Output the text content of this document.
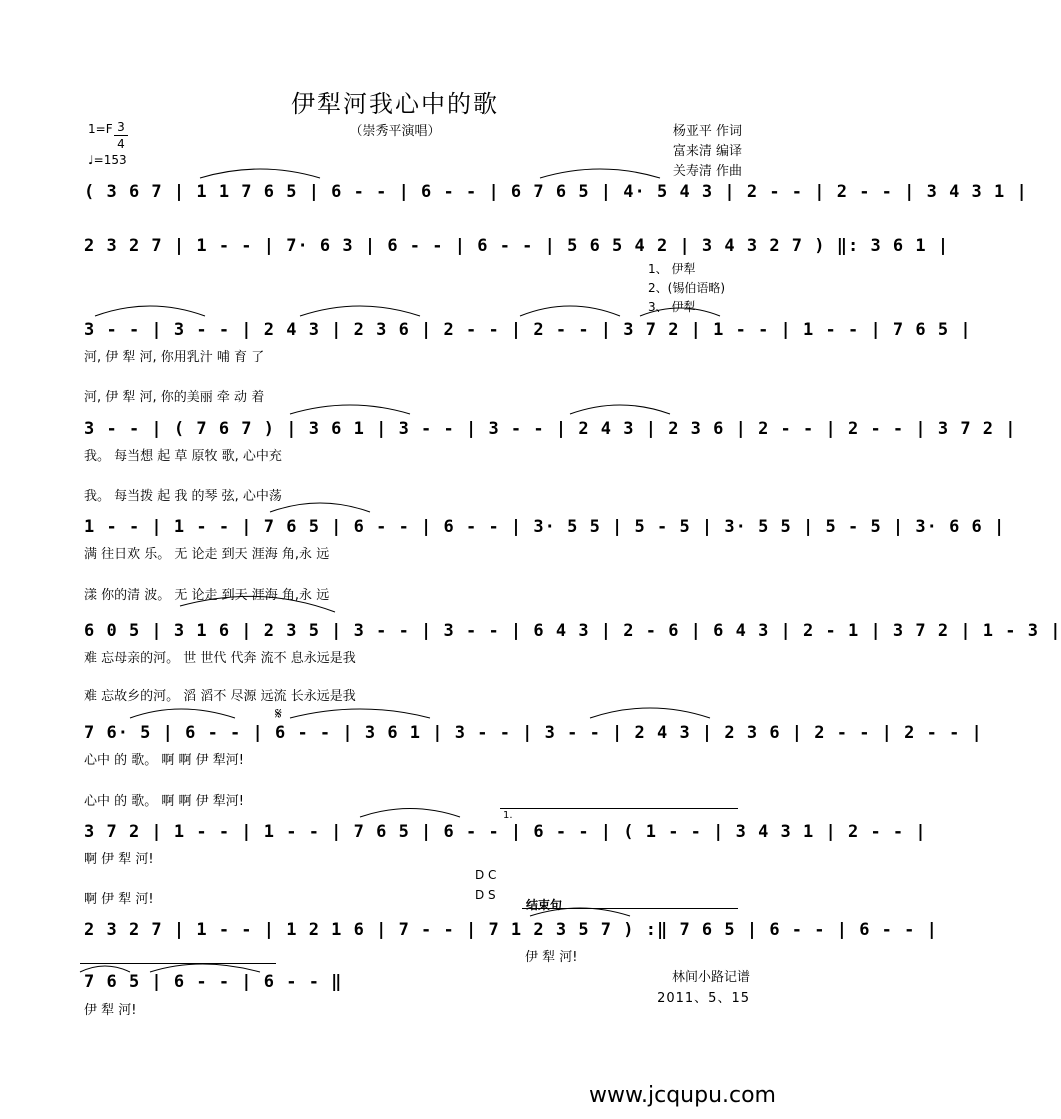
伊犁河我心中的歌
（崇秀平演唱）	杨亚平 作词
富来清 编译
关寿清 作曲
1=F 3
4
♩=153
( 3 6 7 | 1 1 7 6 5 | 6 - - | 6 - - | 6 7 6 5 | 4· 5 4 3 | 2 - - | 2 - - | 3 4 3 1 |
2 3 2 7 | 1 - - | 7· 6 3 | 6 - - | 6 - - | 5 6 5 4 2 | 3 4 3 2 7 ) ‖: 3 6 1 |
1、 伊犁
2、(锡伯语略)
3、 伊犁
3 - - | 3 - - | 2 4 3 | 2 3 6 | 2 - - | 2 - - | 3 7 2 | 1 - - | 1 - - | 7 6 5 |
河, 伊 犁 河, 你用乳汁 哺 育 了
河, 伊 犁 河, 你的美丽 牵 动 着
3 - - | ( 7 6 7 ) | 3 6 1 | 3 - - | 3 - - | 2 4 3 | 2 3 6 | 2 - - | 2 - - | 3 7 2 |
我。 每当想 起 草 原牧 歌, 心中充
我。 每当拨 起 我 的琴 弦, 心中荡
1 - - | 1 - - | 7 6 5 | 6 - - | 6 - - | 3· 5 5 | 5 - 5 | 3· 5 5 | 5 - 5 | 3· 6 6 |
满 往日欢 乐。 无 论走 到天 涯海 角,永 远
漾 你的清 波。 无 论走 到天 涯海 角,永 远
6 0 5 | 3 1 6 | 2 3 5 | 3 - - | 3 - - | 6 4 3 | 2 - 6 | 6 4 3 | 2 - 1 | 3 7 2 | 1 - 3 |
难 忘母亲的河。 世 世代 代奔 流不 息永远是我
难 忘故乡的河。 滔 滔不 尽源 远流 长永远是我
𝄋
7 6· 5 | 6 - - | 6 - - | 3 6 1 | 3 - - | 3 - - | 2 4 3 | 2 3 6 | 2 - - | 2 - - |
心中 的 歌。 啊 啊 伊 犁河!
心中 的 歌。 啊 啊 伊 犁河!
1.
3 7 2 | 1 - - | 1 - - | 7 6 5 | 6 - - | 6 - - | ( 1 - - | 3 4 3 1 | 2 - - |
啊 伊 犁 河!
D C
啊 伊 犁 河!	D S
结束句
2 3 2 7 | 1 - - | 1 2 1 6 | 7 - - | 7 1 2 3 5 7 ) :‖ 7 6 5 | 6 - - | 6 - - |
伊 犁 河!
7 6 5 | 6 - - | 6 - - ‖
伊 犁 河!
林间小路记谱
2011、5、15
www.jcqupu.com
